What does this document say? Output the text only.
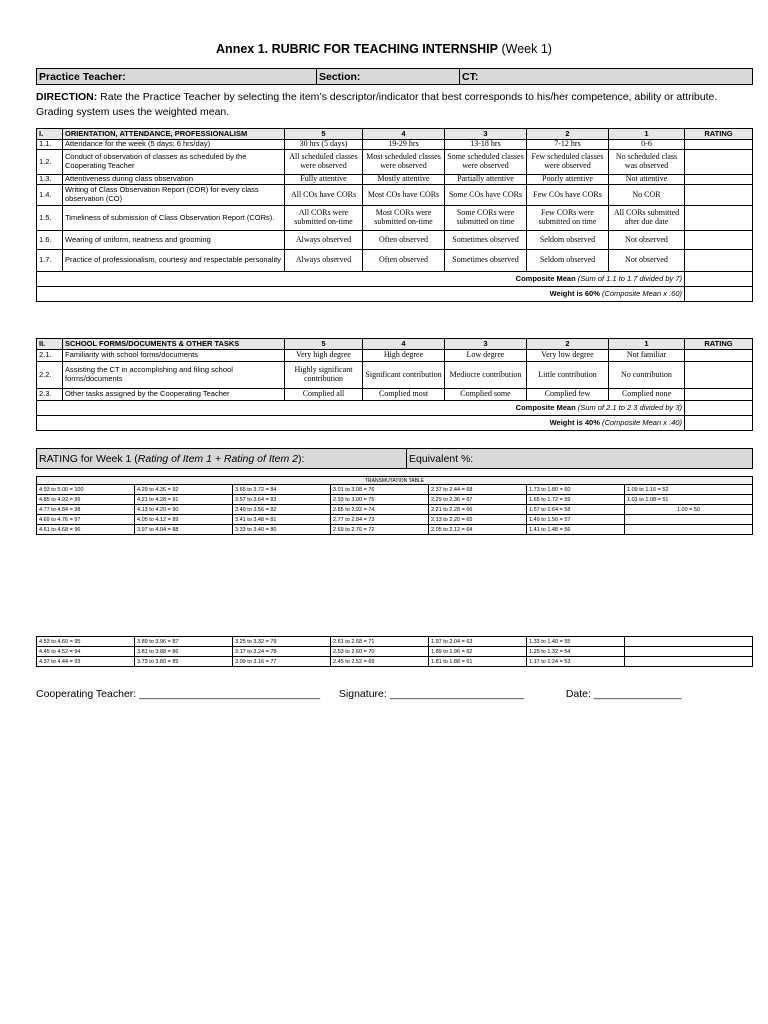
Annex 1. RUBRIC FOR TEACHING INTERNSHIP (Week 1)
Practice Teacher:	Section:	CT:
DIRECTION: Rate the Practice Teacher by selecting the item’s descriptor/indicator that best corresponds to his/her competence, ability or attribute. Grading system uses the weighted mean.
I.	ORIENTATION, ATTENDANCE, PROFESSIONALISM	5	4	3	2	1	RATING
1.1.	Attendance for the week (5 days; 6 hrs/day)	30 hrs (5 days)	19-29 hrs	13-18 hrs	7-12 hrs	0-6	
1.2.	Conduct of observation of classes as scheduled by the Cooperating Teacher	All scheduled classes were observed	Most scheduled classes were observed	Some scheduled classes were observed	Few scheduled classes were observed	No scheduled class was observed	
1.3.	Attentiveness during class observation	Fully attentive	Mostly attentive	Partially attentive	Poorly attentive	Not attentive	
1.4.	Writing of Class Observation Report (COR) for every class observation (CO)	All COs have CORs	Most COs have CORs	Some COs have CORs	Few COs have CORs	No COR	
1.5.	Timeliness of submission of Class Observation Report (CORs).	All CORs were submitted on-time	Most CORs were submitted on-time	Some CORs were submitted on time	Few CORs were submitted on time	All CORs submitted after due date	
1.6.	Wearing of uniform, neatness and grooming	Always observed	Often observed	Sometimes observed	Seldom observed	Not observed	
1.7.	Practice of professionalism, courtesy and respectable personality	Always observed	Often observed	Sometimes observed	Seldom observed	Not observed	
Composite Mean (Sum of 1.1 to 1.7 divided by 7)							
Weight is 60% (Composite Mean x .60)							
II.	SCHOOL FORMS/DOCUMENTS & OTHER TASKS	5	4	3	2	1	RATING
2.1.	Familiarity with school forms/documents	Very high degree	High degree	Low degree	Very low degree	Not familiar	
2.2.	Assisting the CT in accomplishing and filing school forms/documents	Highly significant contribution	Significant contribution	Mediocre contribution	Little contribution	No contribution	
2.3.	Other tasks assigned by the Cooperating Teacher	Complied all	Complied most	Complied some	Complied few	Complied none	
Composite Mean (Sum of 2.1 to 2.3 divided by 3)							
Weight is 40% (Composite Mean x .40)							
RATING for Week 1 (Rating of Item 1 + Rating of Item 2):	Equivalent %:
TRANSMUTATION TABLE						
4.93 to 5.00 = 100	4.29 to 4.36 = 92	3.65 to 3.72 = 84	3.01 to 3.08 = 76	2.37 to 2.44 = 68	1.73 to 1.80 = 60	1.09 to 1.16 = 52
4.85 to 4.92 = 99	4.21 to 4.28 = 91	3.57 to 3.64 = 83	2.93 to 3.00 = 75	2.29 to 2.36 = 67	1.65 to 1.72 = 59	1.01 to 1.08 = 51
4.77 to 4.84 = 98	4.13 to 4.20 = 90	3.49 to 3.56 = 82	2.85 to 2.92 = 74	2.21 to 2.28 = 66	1.57 to 1.64 = 58	1.00 = 50
4.69 to 4.76 = 97	4.05 to 4.12 = 89	3.41 to 3.48 = 81	2.77 to 2.84 = 73	2.13 to 2.20 = 65	1.49 to 1.56 = 57	
4.61 to 4.68 = 96	3.97 to 4.04 = 88	3.33 to 3.40 = 80	2.69 to 2.76 = 72	2.05 to 2.12 = 64	1.41 to 1.48 = 56	
4.53 to 4.60 = 95	3.89 to 3.96 = 87	3.25 to 3.32 = 79	2.61 to 2.68 = 71	1.97 to 2.04 = 63	1.33 to 1.40 = 55	
4.45 to 4.52 = 94	3.81 to 3.88 = 86	3.17 to 3.24 = 78	2.53 to 2.60 = 70	1.89 to 1.96 = 62	1.25 to 1.32 = 54	
4.37 to 4.44 = 93	3.73 to 3.80 = 85	3.09 to 3.16 = 77	2.45 to 2.52 = 69	1.81 to 1.88 = 61	1.17 to 1.24 = 53	
Cooperating Teacher: _______________________________ Signature: _______________________	Date: _______________
